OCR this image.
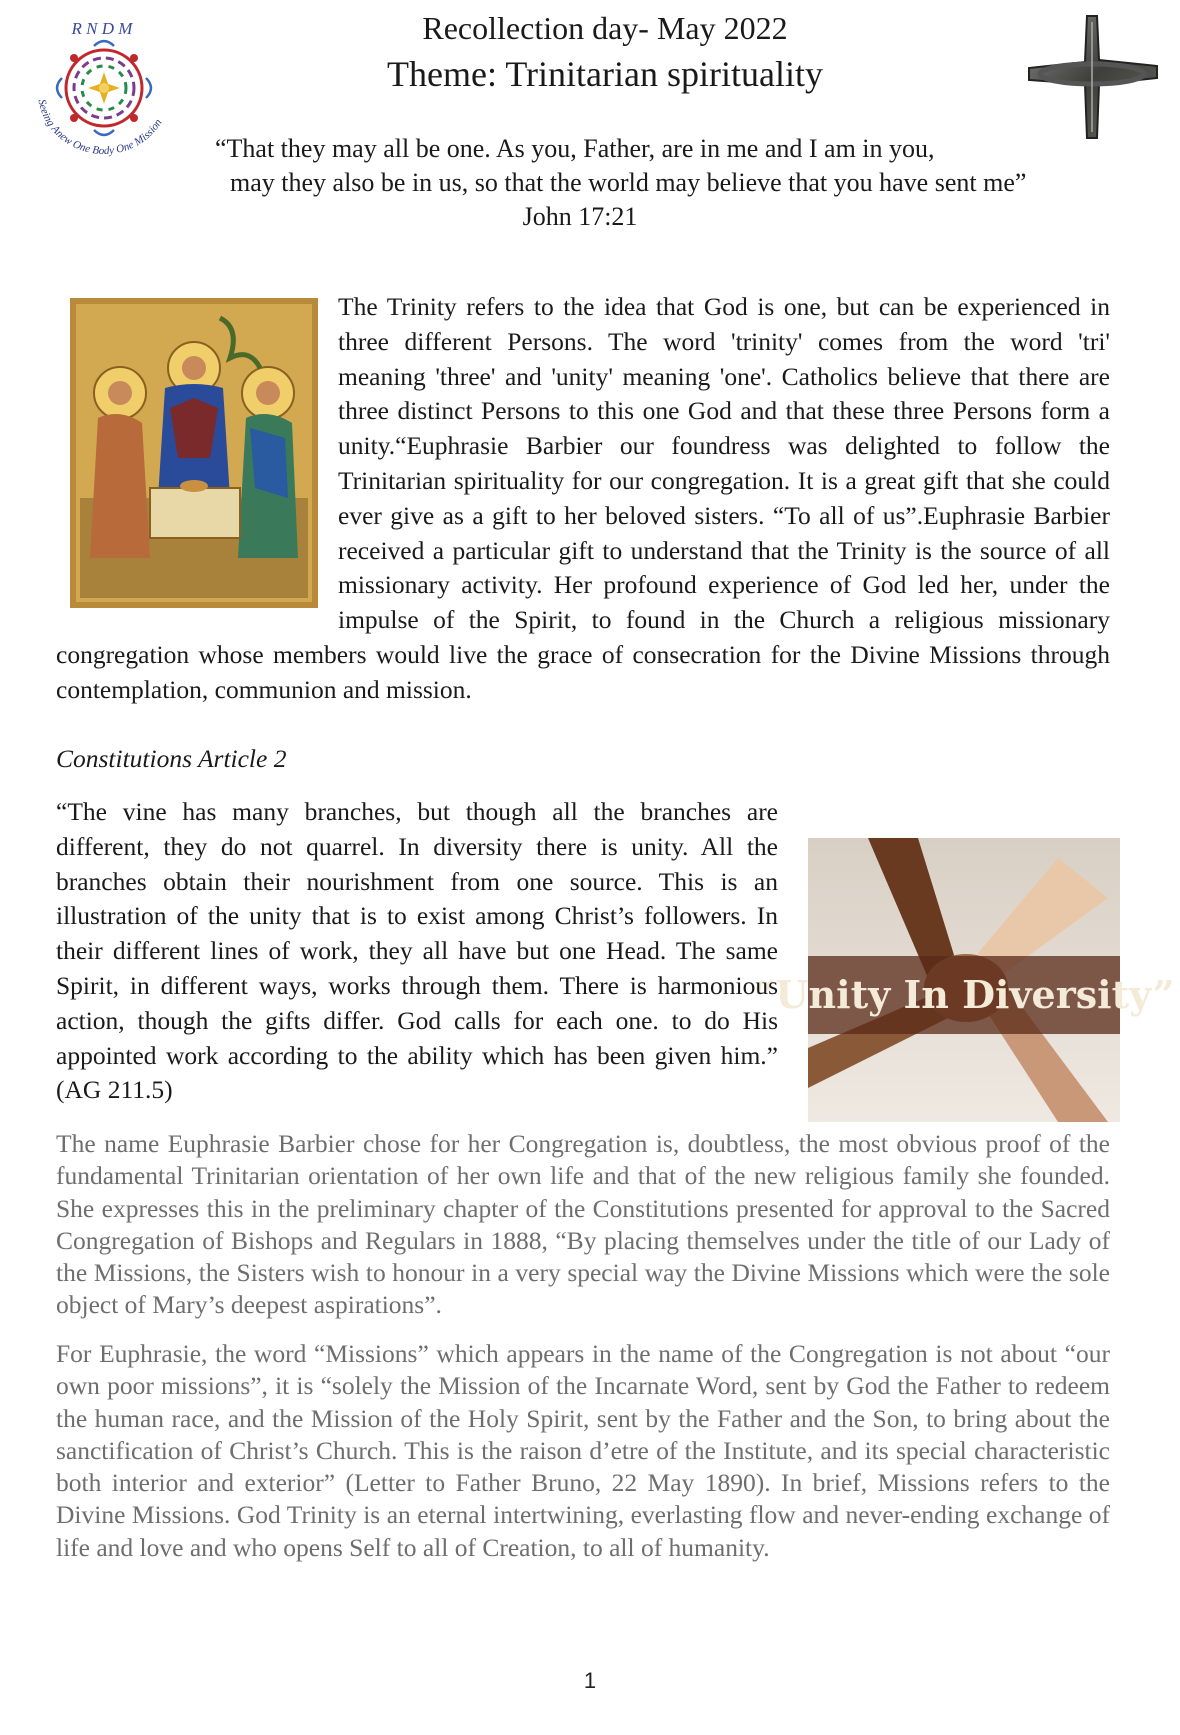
R N D M
Seeing Anew One Body One Mission
Recollection day- May 2022
Theme: Trinitarian spirituality
“That they may all be one. As you, Father, are in me and I am in you,
may they also be in us, so that the world may believe that you have sent me”
John 17:21

The Trinity refers to the idea that God is one, but can be experienced in three different Persons. The word 'trinity' comes from the word 'tri' meaning 'three' and 'unity' meaning 'one'. Catholics believe that there are three distinct Persons to this one God and that these three Persons form a unity.“Euphrasie Barbier our foundress was delighted to follow the Trinitarian spirituality for our congregation. It is a great gift that she could ever give as a gift to her beloved sisters. “To all of us”.Euphrasie Barbier received a particular gift to understand that the Trinity is the source of all missionary activity. Her profound experience of God led her, under the impulse of the Spirit, to found in the Church a religious missionary congregation whose members would live the grace of consecration for the Divine Missions through contemplation, communion and mission.

Constitutions Article 2

“Unity In Diversity”

“The vine has many branches, but though all the branches are different, they do not quarrel. In diversity there is unity. All the branches obtain their nourishment from one source. This is an illustration of the unity that is to exist among Christ’s followers. In their different lines of work, they all have but one Head. The same Spirit, in different ways, works through them. There is harmonious action, though the gifts differ. God calls for each one. to do His appointed work according to the ability which has been given him.” (AG 211.5)

The name Euphrasie Barbier chose for her Congregation is, doubtless, the most obvious proof of the fundamental Trinitarian orientation of her own life and that of the new religious family she founded. She expresses this in the preliminary chapter of the Constitutions presented for approval to the Sacred Congregation of Bishops and Regulars in 1888, “By placing themselves under the title of our Lady of the Missions, the Sisters wish to honour in a very special way the Divine Missions which were the sole object of Mary’s deepest aspirations”.

For Euphrasie, the word “Missions” which appears in the name of the Congregation is not about “our own poor missions”, it is “solely the Mission of the Incarnate Word, sent by God the Father to redeem the human race, and the Mission of the Holy Spirit, sent by the Father and the Son, to bring about the sanctification of Christ’s Church. This is the raison d’etre of the Institute, and its special characteristic both interior and exterior” (Letter to Father Bruno, 22 May 1890). In brief, Missions refers to the Divine Missions. God Trinity is an eternal intertwining, everlasting flow and never-ending exchange of life and love and who opens Self to all of Creation, to all of humanity.

1
